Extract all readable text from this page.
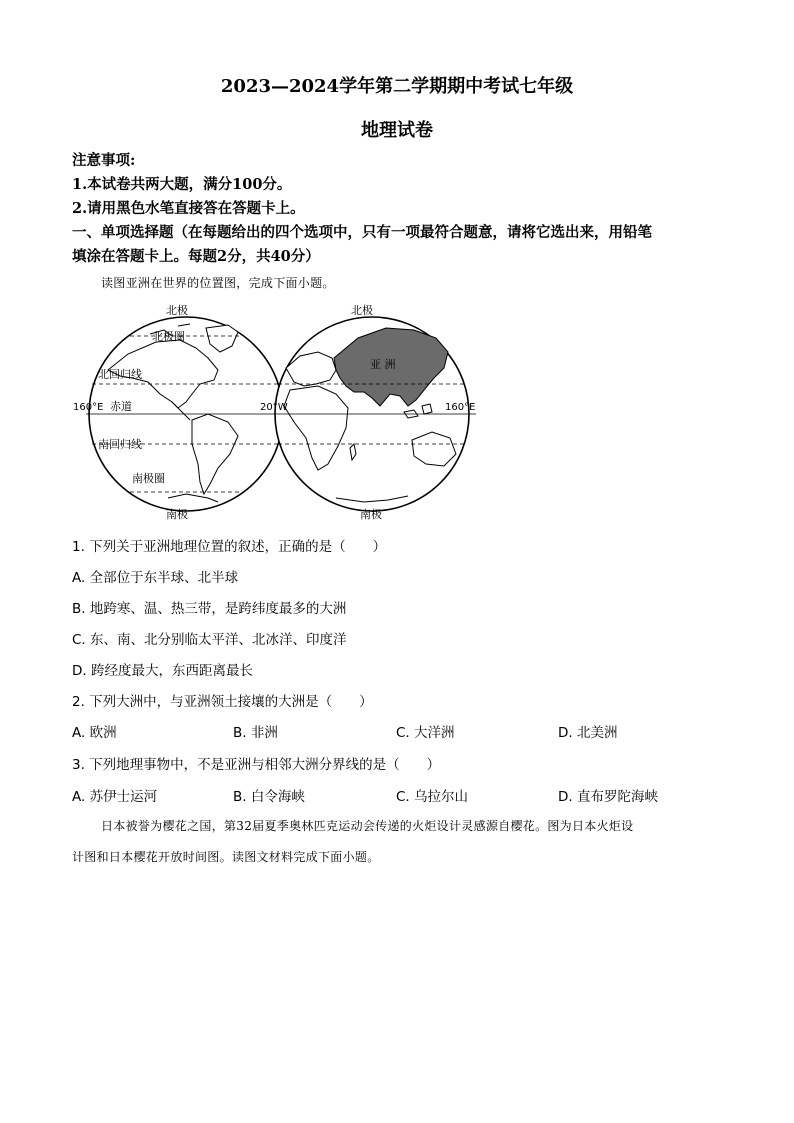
2023—2024学年第二学期期中考试七年级
地理试卷
注意事项:
1.本试卷共两大题，满分100分。
2.请用黑色水笔直接答在答题卡上。
一、单项选择题（在每题给出的四个选项中，只有一项最符合题意，请将它选出来，用铅笔
填涂在答题卡上。每题2分，共40分）
读图亚洲在世界的位置图，完成下面小题。
北极	北极
北极圈
北回归线
160°E 赤道	20°W	160°E
南回归线
南极圈
南极	南极
亚 洲
1. 下列关于亚洲地理位置的叙述，正确的是（　　）
A. 全部位于东半球、北半球
B. 地跨寒、温、热三带，是跨纬度最多的大洲
C. 东、南、北分别临太平洋、北冰洋、印度洋
D. 跨经度最大，东西距离最长
2. 下列大洲中，与亚洲领土接壤的大洲是（　　）
A. 欧洲	B. 非洲	C. 大洋洲	D. 北美洲
3. 下列地理事物中，不是亚洲与相邻大洲分界线的是（　　）
A. 苏伊士运河	B. 白令海峡	C. 乌拉尔山	D. 直布罗陀海峡
日本被誉为樱花之国，第32届夏季奥林匹克运动会传递的火炬设计灵感源自樱花。图为日本火炬设
计图和日本樱花开放时间图。读图文材料完成下面小题。
